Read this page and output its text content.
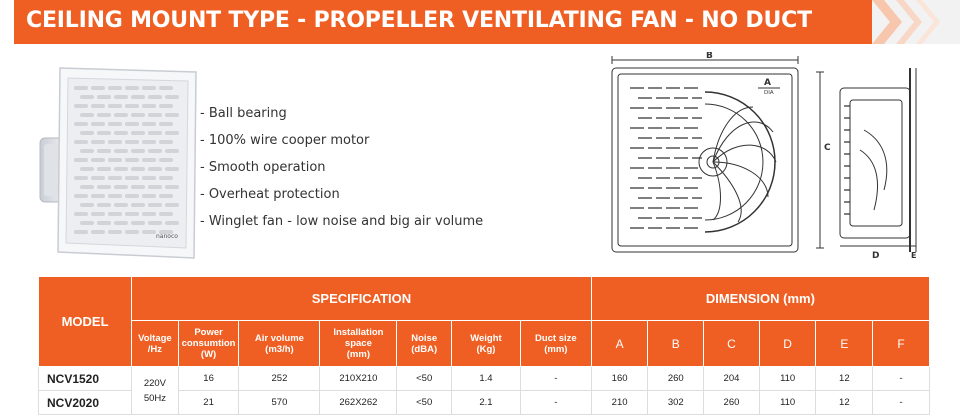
CEILING MOUNT TYPE - PROPELLER VENTILATING FAN - NO DUCT
nanoco
- Ball bearing
- 100% wire cooper motor
- Smooth operation
- Overheat protection
- Winglet fan - low noise and big air volume
B
A
DIA
C
D	E
MODEL	SPECIFICATION							DIMENSION (mm)					
	Voltage
/Hz	Power
consumtion
(W)	Air volume
(m3/h)	Installation
space
(mm)	Noise
(dBA)	Weight
(Kg)	Duct size
(mm)	A	B	C	D	E	F
NCV1520	220V
50Hz	16	252	210X210	<50	1.4	-	160	260	204	110	12	-
NCV2020		21	570	262X262	<50	2.1	-	210	302	260	110	12	-
